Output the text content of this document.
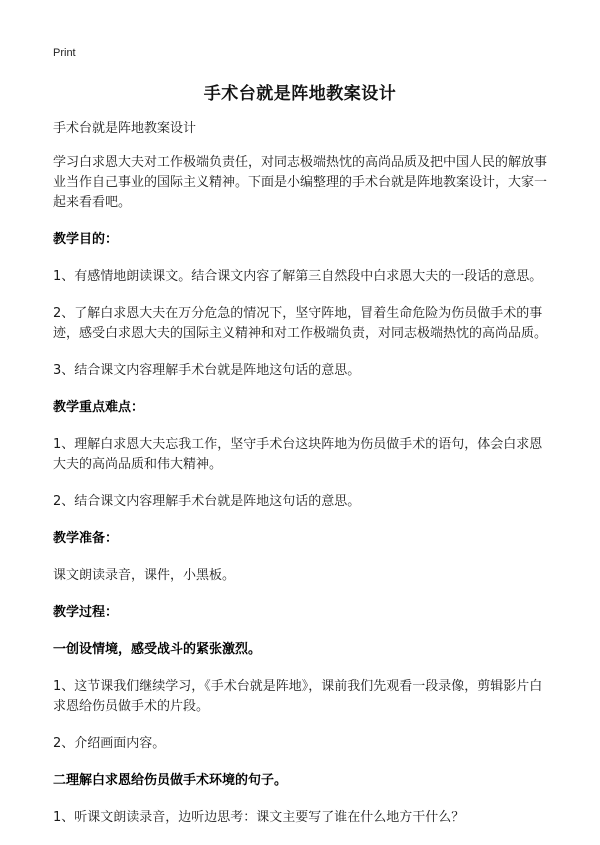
Print
手术台就是阵地教案设计

手术台就是阵地教案设计

学习白求恩大夫对工作极端负责任，对同志极端热忱的高尚品质及把中国人民的解放事业当作自己事业的国际主义精神。下面是小编整理的手术台就是阵地教案设计，大家一起来看看吧。

教学目的：

1、有感情地朗读课文。结合课文内容了解第三自然段中白求恩大夫的一段话的意思。

2、了解白求恩大夫在万分危急的情况下，坚守阵地，冒着生命危险为伤员做手术的事迹，感受白求恩大夫的国际主义精神和对工作极端负责，对同志极端热忱的高尚品质。

3、结合课文内容理解手术台就是阵地这句话的意思。

教学重点难点：

1、理解白求恩大夫忘我工作，坚守手术台这块阵地为伤员做手术的语句，体会白求恩大夫的高尚品质和伟大精神。

2、结合课文内容理解手术台就是阵地这句话的意思。

教学准备：

课文朗读录音，课件，小黑板。

教学过程：

一创设情境，感受战斗的紧张激烈。

1、这节课我们继续学习，《手术台就是阵地》，课前我们先观看一段录像，剪辑影片白求恩给伤员做手术的片段。

2、介绍画面内容。

二理解白求恩给伤员做手术环境的句子。

1、听课文朗读录音，边听边思考：课文主要写了谁在什么地方干什么？
